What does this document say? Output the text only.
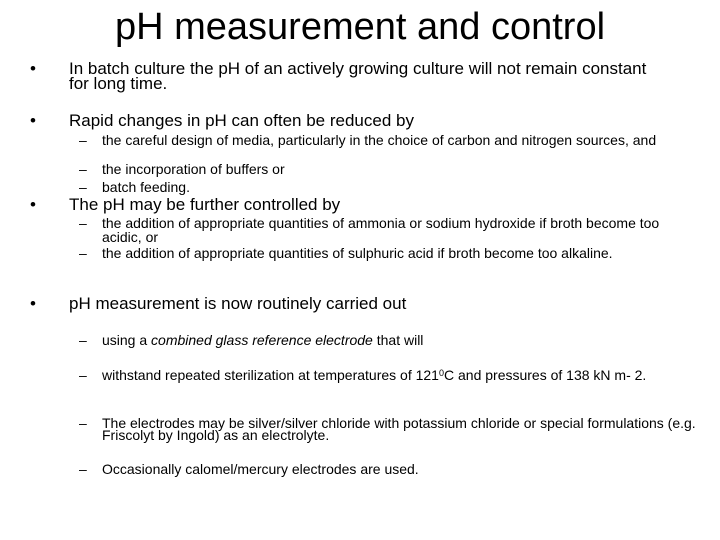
pH measurement and control
• In batch culture the pH of an actively growing culture will not remain constant for long time.
• Rapid changes in pH can often be reduced by
– the careful design of media, particularly in the choice of carbon and nitrogen sources, and
– the incorporation of buffers or
– batch feeding.
• The pH may be further controlled by
– the addition of appropriate quantities of ammonia or sodium hydroxide if broth become too acidic, or
– the addition of appropriate quantities of sulphuric acid if broth become too alkaline.
• pH measurement is now routinely carried out
– using a combined glass reference electrode that will
– withstand repeated sterilization at temperatures of $121^0C$ and pressures of 138 kN m- 2.
– The electrodes may be silver/silver chloride with potassium chloride or special formulations (e.g. Friscolyt by Ingold) as an electrolyte.
– Occasionally calomel/mercury electrodes are used.
